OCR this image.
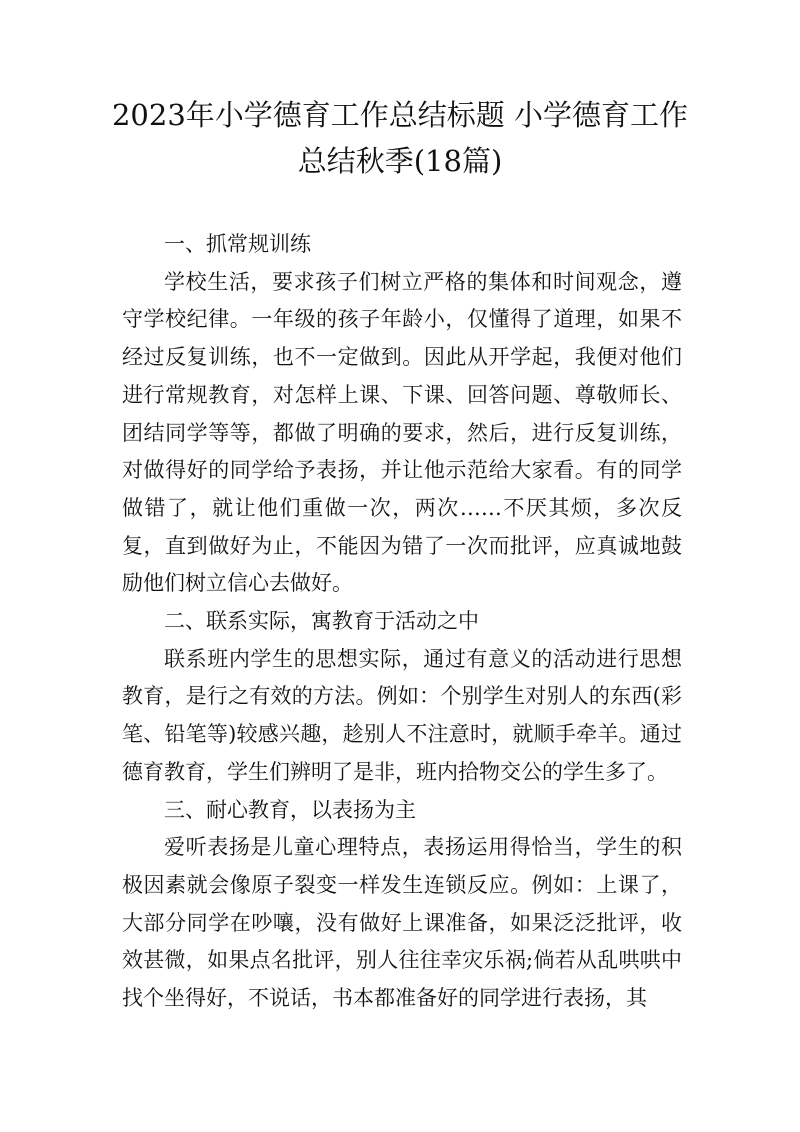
2023年小学德育工作总结标题 小学德育工作总结秋季(18篇)

一、抓常规训练

学校生活，要求孩子们树立严格的集体和时间观念，遵守学校纪律。一年级的孩子年龄小，仅懂得了道理，如果不经过反复训练，也不一定做到。因此从开学起，我便对他们进行常规教育，对怎样上课、下课、回答问题、尊敬师长、团结同学等等，都做了明确的要求，然后，进行反复训练，对做得好的同学给予表扬，并让他示范给大家看。有的同学做错了，就让他们重做一次，两次……不厌其烦，多次反复，直到做好为止，不能因为错了一次而批评，应真诚地鼓励他们树立信心去做好。

二、联系实际，寓教育于活动之中

联系班内学生的思想实际，通过有意义的活动进行思想教育，是行之有效的方法。例如：个别学生对别人的东西(彩笔、铅笔等)较感兴趣，趁别人不注意时，就顺手牵羊。通过德育教育，学生们辨明了是非，班内拾物交公的学生多了。

三、耐心教育，以表扬为主

爱听表扬是儿童心理特点，表扬运用得恰当，学生的积极因素就会像原子裂变一样发生连锁反应。例如：上课了，大部分同学在吵嚷，没有做好上课准备，如果泛泛批评，收效甚微，如果点名批评，别人往往幸灾乐祸;倘若从乱哄哄中找个坐得好，不说话，书本都准备好的同学进行表扬，其
